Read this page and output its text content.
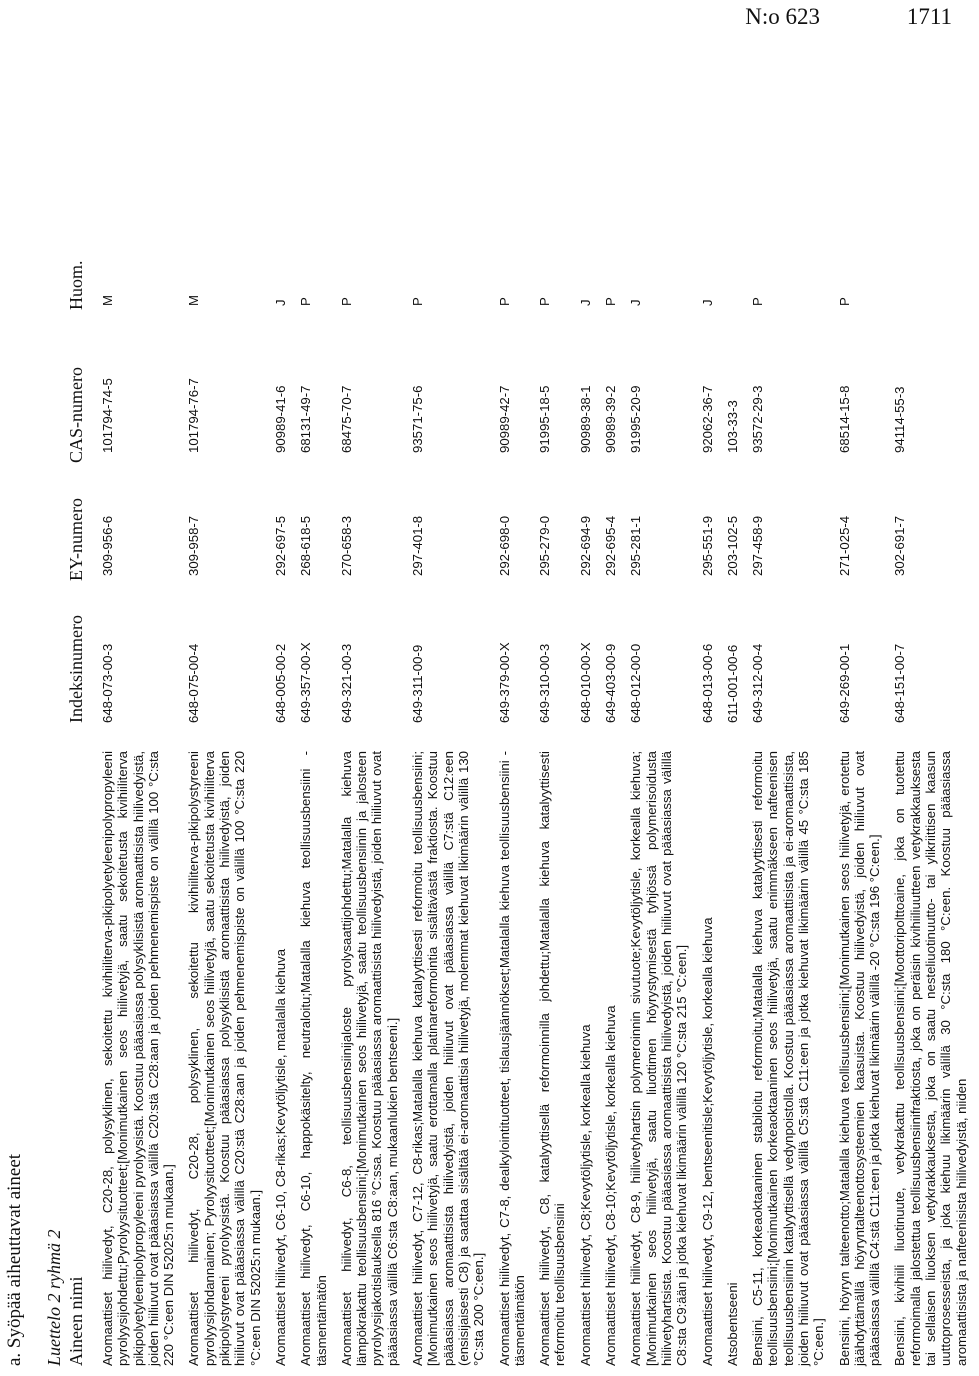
N:o 623	1711
a. Syöpää aiheuttavat aineet Luettelo 2 ryhmä 2 Aineen nimi
Indeksinumero
EY-numero
CAS-numero
Huom.
Aromaattiset hiilivedyt, C20-28, polysyklinen, sekoitettu kivihiiliterva-pikipolyetyleenipolypropyleeni pyrolyysijohdettu;Pyrolyysituotteet;[Monimutkainen seos hiilivetyjä, saatu sekoitetusta kivihiiliterva pikipolyetyleenipolypropyleeni pyrolyysistä. Koostuu pääasiassa polysyklisistä aromaattisista hiilivedyistä, joiden hiiliuvut ovat pääasiassa välillä C20:stä C28:aan ja joiden pehmenemispiste on välillä 100 °C:sta 220 °C:een DIN 52025:n mukaan.]
648-073-00-3
309-956-6
101794-74-5
M
Aromaattiset hiilivedyt, C20-28, polysyklinen, sekoitettu kivihiiliterva-pikipolystyreeni pyrolyysijohdannainen; Pyrolyysituotteet;[Monimutkainen seos hiilivetyjä, saatu sekoitetusta kivihiiliterva pikipolystyreeni pyrolyysistä. Koostuu pääasiassa polysyklisistä aromaattisista hiilivedyistä, joiden hiiliuvut ovat pääasiassa välillä C20:stä C28:aan ja joiden pehmenemispiste on välillä 100 °C:sta 220 °C:een DIN 52025:n mukaan.]
648-075-00-4
309-958-7
101794-76-7
M
Aromaattiset hiilivedyt, C6-10, C8-rikas;Kevytöljytisle, matalalla kiehuva
648-005-00-2
292-697-5
90989-41-6
J
Aromaattiset hiilivedyt, C6-10, happokäsitelty, neutraloitu;Matalalla kiehuva teollisuusbensiini - täsmentämätön
649-357-00-X
268-618-5
68131-49-7
P
Aromaattiset hiilivedyt, C6-8, teollisuusbensiinijaloste pyrolysaattijohdettu;Matalalla kiehuva lämpökrakattu teollisuusbensiini;[Monimutkainen seos hiilivetyjä, saatu teollisuusbensiinin ja jalosteen pyrolyysijakotislauksella 816 °C:ssa. Koostuu pääasiassa aromaattisista hiilivedyistä, joiden hiiliuvut ovat pääasiassa välillä C6:sta C8:aan, mukaanlukien bentseeni.]
649-321-00-3
270-658-3
68475-70-7
P
Aromaattiset hiilivedyt, C7-12, C8-rikas;Matalalla kiehuva katalyyttisesti reformoitu teollisuusbensiini; [Monimutkainen seos hiilivetyjä, saatu erottamalla platinareformointia sisältävästä fraktiosta. Koostuu pääasiassa aromaattisista hiilivedyistä, joiden hiiliuvut ovat pääasiassa välillä C7:stä C12:een (ensisijaisesti C8) ja saattaa sisältää ei-aromaattisia hiilivetyjä, molemmat kiehuvat likimäärin välillä 130 °C:sta 200 °C:een.]
649-311-00-9
297-401-8
93571-75-6
P
Aromaattiset hiilivedyt, C7-8, dealkylointituotteet, tislausjäännökset;Matalalla kiehuva teollisuusbensiini - täsmentämätön
649-379-00-X
292-698-0
90989-42-7
P
Aromaattiset hiilivedyt, C8, katalyyttisellä reformoinnilla johdettu;Matalalla kiehuva katalyyttisesti reformoitu teollisuusbensiini
649-310-00-3
295-279-0
91995-18-5
P
Aromaattiset hiilivedyt, C8;Kevytöljytisle, korkealla kiehuva
648-010-00-X
292-694-9
90989-38-1
J
Aromaattiset hiilivedyt, C8-10;Kevytöljytisle, korkealla kiehuva
649-403-00-9
292-695-4
90989-39-2
P
Aromaattiset hiilivedyt, C8-9, hiilivetyhartsin polymeroinnin sivutuote;Kevytöljytisle, korkealla kiehuva; [Monimutkainen seos hiilivetyjä, saatu liuottimen höyrystymisestä tyhjössä polymerisoidusta hiilivetyhartsista. Koostuu pääasiassa aromaattisista hiilivedyistä, joiden hiiliuvut ovat pääasiassa välillä C8:sta C9:ään ja jotka kiehuvat likimäärin välillä 120 °C:sta 215 °C:een.]
648-012-00-0
295-281-1
91995-20-9
J
Aromaattiset hiilivedyt, C9-12, bentseenitisle;Kevytöljytisle, korkealla kiehuva
648-013-00-6
295-551-9
92062-36-7
J
Atsobentseeni
611-001-00-6
203-102-5
103-33-3
Bensiini, C5-11, korkeaoktaaninen stabiloitu reformoitu;Matalalla kiehuva katalyyttisesti reformoitu teollisuusbensiini;[Monimutkainen korkeaoktaaninen seos hiilivetyjä, saatu enimmäkseen nafteenisen teollisuusbensiinin katalyyttisellä vedynpoistolla. Koostuu pääasiassa aromaattisista ja ei-aromaattisista, joiden hiiliuvut ovat pääasiassa välillä C5:stä C11:een ja jotka kiehuvat likimäärin välillä 45 °C:sta 185 °C:een.]
649-312-00-4
297-458-9
93572-29-3
P
Bensiini, höyryn talteenotto;Matalalla kiehuva teollisuusbensiini;[Monimutkainen seos hiilivetyjä, erotettu jäähdyttämällä höyryntalteenottosysteemien kaasuista. Koostuu hiilivedyistä, joiden hiiliuvut ovat pääasiassa välillä C4:stä C11:een ja jotka kiehuvat likimäärin välillä -20 °C:sta 196 °C:een.]
649-269-00-1
271-025-4
68514-15-8
P
Bensiini, kivihiili liuotinuute, vetykrakattu teollisuusbensiini;[Moottoripolttoaine, joka on tuotettu reformoimalla jalostettua teollisuusbensiinifraktiosta, joka on peräisin kivihiiliuutteen vetykrakkauksesta tai sellaisen liuoksen vetykrakkauksesta, joka on saatu nesteliuotinuutto- tai ylikriittisen kaasun uuttoprosesseista, ja joka kiehuu likimäärin välillä 30 °C:sta 180 °C:een. Koostuu pääasiassa aromaattisista ja nafteenisista hiilivedyistä, niiden
648-151-00-7
302-691-7
94114-55-3
